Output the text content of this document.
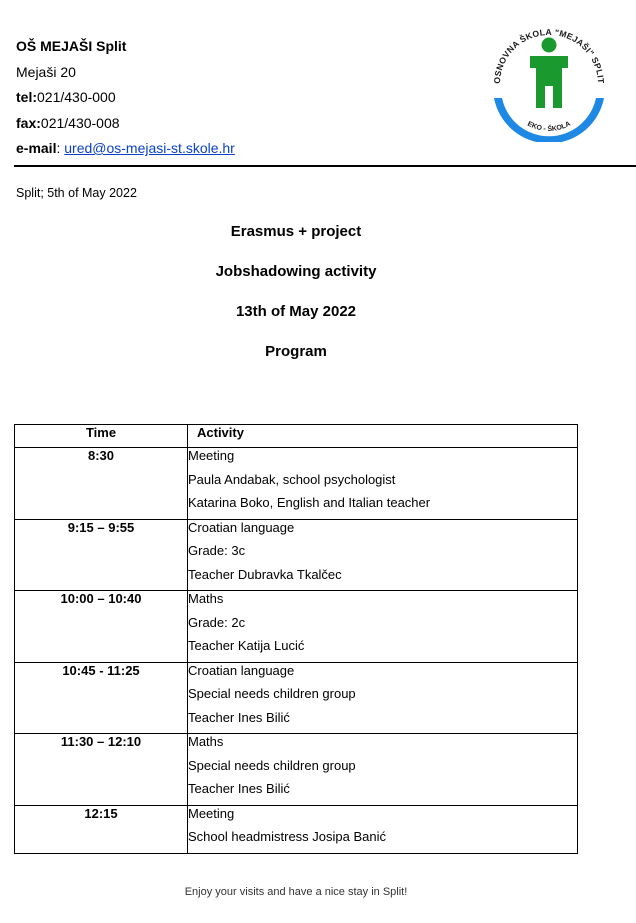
OŠ MEJAŠI Split
Mejaši 20
tel:021/430-000
fax:021/430-008
e-mail: ured@os-mejasi-st.skole.hr
OSNOVNA ŠKOLA "MEJAŠI" SPLIT
EKO - ŠKOLA
Split; 5th of May 2022
Erasmus + project
Jobshadowing activity
13th of May 2022
Program
Time	Activity

8:30	Meeting
Paula Andabak, school psychologist
Katarina Boko, English and Italian teacher

9:15 – 9:55	Croatian language
Grade: 3c
Teacher Dubravka Tkalčec

10:00 – 10:40	Maths
Grade: 2c
Teacher Katija Lucić

10:45 - 11:25	Croatian language
Special needs children group
Teacher Ines Bilić

11:30 – 12:10	Maths
Special needs children group
Teacher Ines Bilić

12:15	Meeting
School headmistress Josipa Banić
Enjoy your visits and have a nice stay in Split!
